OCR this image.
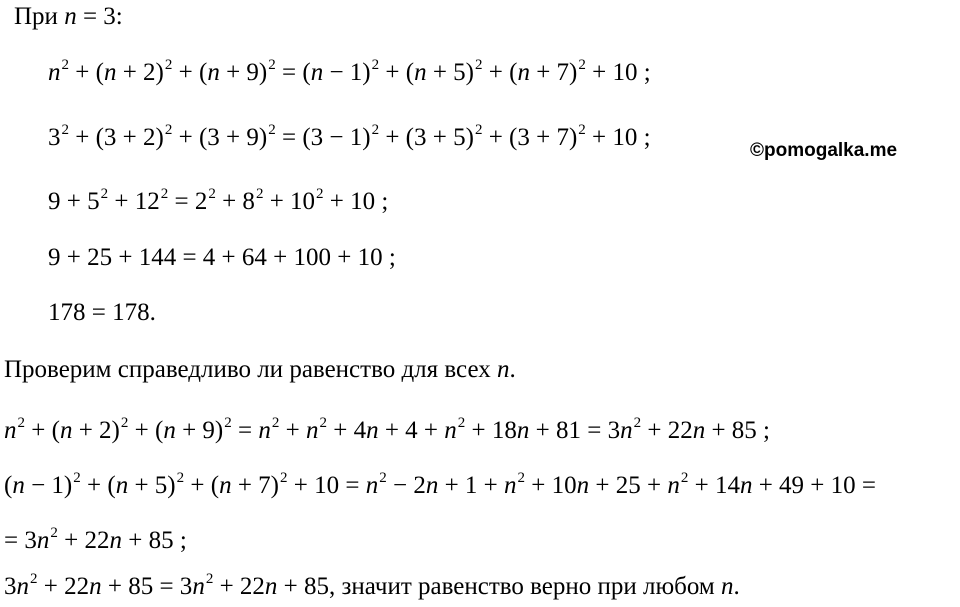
При n = 3:
$n^2 + (n + 2)^2 + (n + 9)^2 = (n - 1)^2 + (n + 5)^2 + (n + 7)^2 + 10$ ;
$3^2 + (3 + 2)^2 + (3 + 9)^2 = (3 - 1)^2 + (3 + 5)^2 + (3 + 7)^2 + 10$ ;	©pomogalka.me
$9 + 5^2 + 12^2 = 2^2 + 8^2 + 10^2 + 10$ ;
9 + 25 + 144 = 4 + 64 + 100 + 10 ;
178 = 178.
Проверим справедливо ли равенство для всех n.
$n^2 + (n + 2)^2 + (n + 9)^2 = n^2 + n^2 + 4n + 4 + n^2 + 18n + 81 = 3n^2 + 22n + 85$ ;
$(n - 1)^2 + (n + 5)^2 + (n + 7)^2 + 10 = n^2 - 2n + 1 + n^2 + 10n + 25 + n^2 + 14n + 49 + 10$ =
= $3n^2 + 22n + 85$ ;
$3n^2 + 22n + 85 = 3n^2 + 22n + 85$, значит равенство верно при любом n.
